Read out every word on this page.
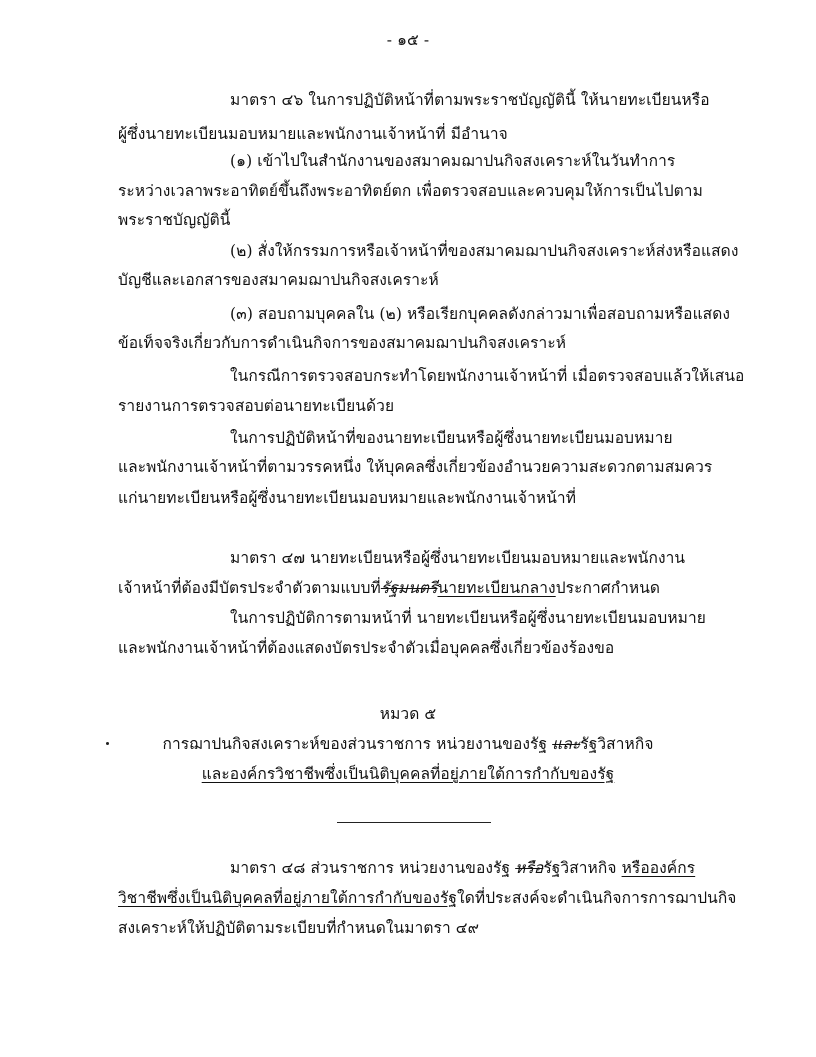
- ๑๕ -
มาตรา ๔๖ ในการปฏิบัติหน้าที่ตามพระราชบัญญัตินี้ ให้นายทะเบียนหรือ
ผู้ซึ่งนายทะเบียนมอบหมายและพนักงานเจ้าหน้าที่ มีอำนาจ
(๑) เข้าไปในสำนักงานของสมาคมฌาปนกิจสงเคราะห์ในวันทำการ
ระหว่างเวลาพระอาทิตย์ขึ้นถึงพระอาทิตย์ตก เพื่อตรวจสอบและควบคุมให้การเป็นไปตาม
พระราชบัญญัตินี้
(๒) สั่งให้กรรมการหรือเจ้าหน้าที่ของสมาคมฌาปนกิจสงเคราะห์ส่งหรือแสดง
บัญชีและเอกสารของสมาคมฌาปนกิจสงเคราะห์
(๓) สอบถามบุคคลใน (๒) หรือเรียกบุคคลดังกล่าวมาเพื่อสอบถามหรือแสดง
ข้อเท็จจริงเกี่ยวกับการดำเนินกิจการของสมาคมฌาปนกิจสงเคราะห์
ในกรณีการตรวจสอบกระทำโดยพนักงานเจ้าหน้าที่ เมื่อตรวจสอบแล้วให้เสนอ
รายงานการตรวจสอบต่อนายทะเบียนด้วย
ในการปฏิบัติหน้าที่ของนายทะเบียนหรือผู้ซึ่งนายทะเบียนมอบหมาย
และพนักงานเจ้าหน้าที่ตามวรรคหนึ่ง ให้บุคคลซึ่งเกี่ยวข้องอำนวยความสะดวกตามสมควร
แก่นายทะเบียนหรือผู้ซึ่งนายทะเบียนมอบหมายและพนักงานเจ้าหน้าที่
มาตรา ๔๗ นายทะเบียนหรือผู้ซึ่งนายทะเบียนมอบหมายและพนักงาน
เจ้าหน้าที่ต้องมีบัตรประจำตัวตามแบบที่รัฐมนตรีนายทะเบียนกลางประกาศกำหนด
ในการปฏิบัติการตามหน้าที่ นายทะเบียนหรือผู้ซึ่งนายทะเบียนมอบหมาย
และพนักงานเจ้าหน้าที่ต้องแสดงบัตรประจำตัวเมื่อบุคคลซึ่งเกี่ยวข้องร้องขอ
หมวด ๕
การฌาปนกิจสงเคราะห์ของส่วนราชการ หน่วยงานของรัฐ และรัฐวิสาหกิจ
และองค์กรวิชาชีพซึ่งเป็นนิติบุคคลที่อยู่ภายใต้การกำกับของรัฐ
มาตรา ๔๘ ส่วนราชการ หน่วยงานของรัฐ หรือรัฐวิสาหกิจ หรือองค์กร
วิชาชีพซึ่งเป็นนิติบุคคลที่อยู่ภายใต้การกำกับของรัฐใดที่ประสงค์จะดำเนินกิจการการฌาปนกิจ
สงเคราะห์ให้ปฏิบัติตามระเบียบที่กำหนดในมาตรา ๔๙
